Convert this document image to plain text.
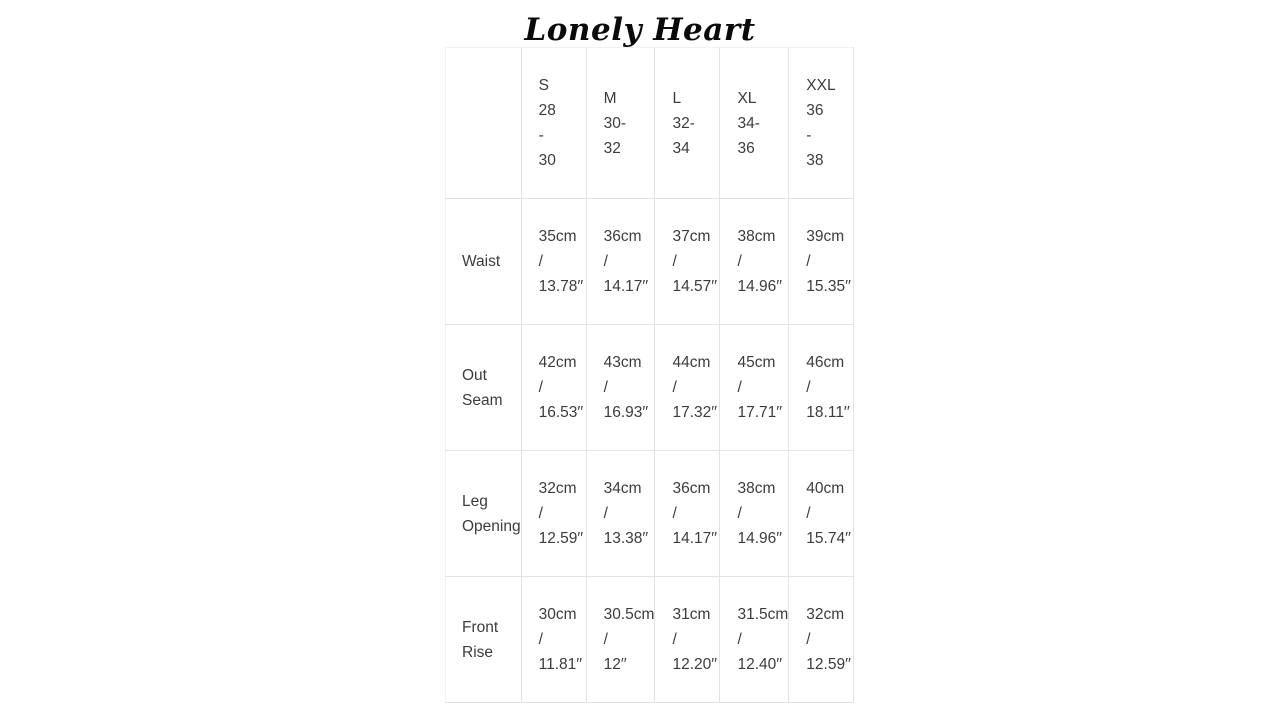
Lonely Heart

	S
28
-
30	M
30-
32	L
32-
34	XL
34-
36	XXL
36
-
38

Waist	35cm
/
13.78′′	36cm
/
14.17′′	37cm
/
14.57′′	38cm
/
14.96′′	39cm
/
15.35′′

Out
Seam	42cm
/
16.53′′	43cm
/
16.93′′	44cm
/
17.32′′	45cm
/
17.71′′	46cm
/
18.11′′

Leg
Opening	32cm
/
12.59′′	34cm
/
13.38′′	36cm
/
14.17′′	38cm
/
14.96′′	40cm
/
15.74′′

Front
Rise	30cm
/
11.81′′	30.5cm
/
12′′	31cm
/
12.20′′	31.5cm
/
12.40′′	32cm
/
12.59′′
